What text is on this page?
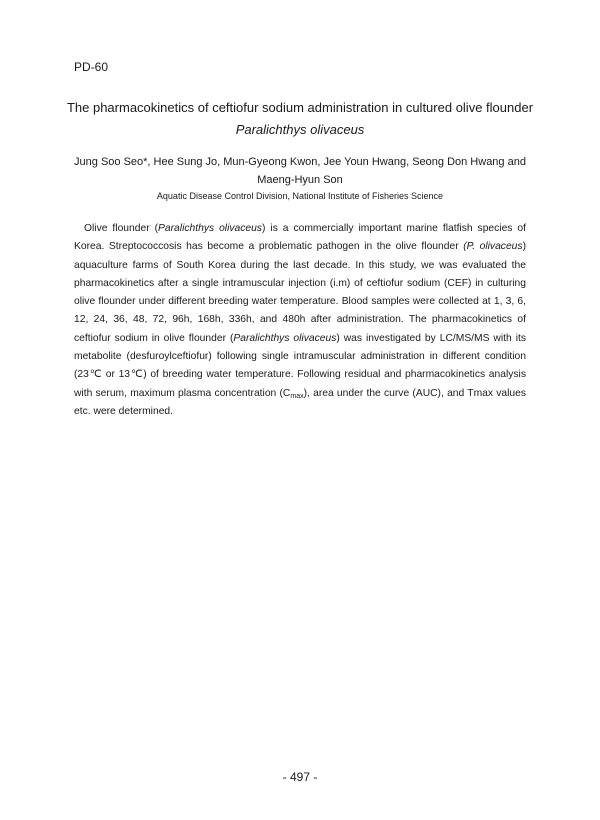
PD-60
The pharmacokinetics of ceftiofur sodium administration in cultured olive flounder
Paralichthys olivaceus
Jung Soo Seo*, Hee Sung Jo, Mun-Gyeong Kwon, Jee Youn Hwang, Seong Don Hwang and
Maeng-Hyun Son
Aquatic Disease Control Division, National Institute of Fisheries Science

Olive flounder (Paralichthys olivaceus) is a commercially important marine flatfish species of Korea. Streptococcosis has become a problematic pathogen in the olive flounder (P. olivaceus) aquaculture farms of South Korea during the last decade. In this study, we was evaluated the pharmacokinetics after a single intramuscular injection (i.m) of ceftiofur sodium (CEF) in culturing olive flounder under different breeding water temperature. Blood samples were collected at 1, 3, 6, 12, 24, 36, 48, 72, 96h, 168h, 336h, and 480h after administration. The pharmacokinetics of ceftiofur sodium in olive flounder (Paralichthys olivaceus) was investigated by LC/MS/MS with its metabolite (desfuroylceftiofur) following single intramuscular administration in different condition (23℃ or 13℃) of breeding water temperature. Following residual and pharmacokinetics analysis with serum, maximum plasma concentration $(C_{max})$, area under the curve (AUC), and Tmax values etc. were determined.

- 497 -
